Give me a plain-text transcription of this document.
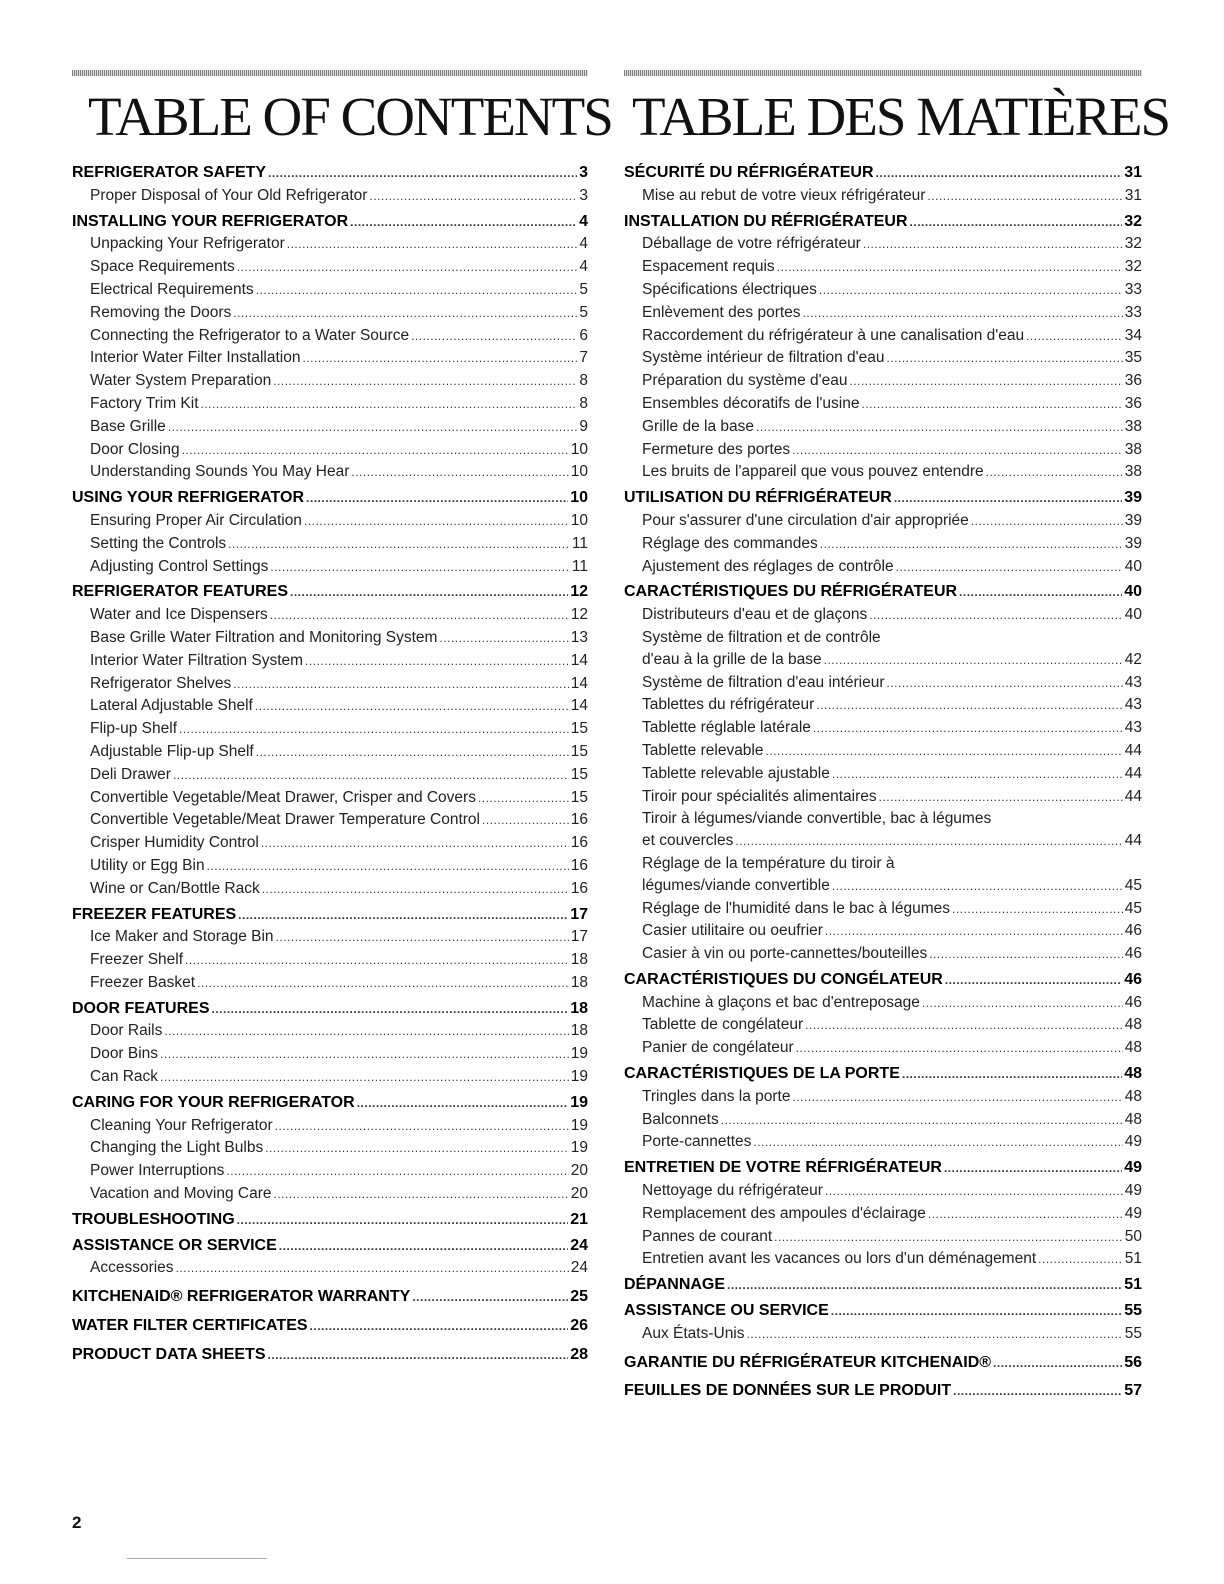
TABLE OF CONTENTS
REFRIGERATOR SAFETY .....	3
Proper Disposal of Your Old Refrigerator .....	3
INSTALLING YOUR REFRIGERATOR .....	4
Unpacking Your Refrigerator .....	4
Space Requirements .....	4
Electrical Requirements .....	5
Removing the Doors .....	5
Connecting the Refrigerator to a Water Source .....	6
Interior Water Filter Installation .....	7
Water System Preparation .....	8
Factory Trim Kit .....	8
Base Grille .....	9
Door Closing .....	10
Understanding Sounds You May Hear .....	10
USING YOUR REFRIGERATOR .....	10
Ensuring Proper Air Circulation .....	10
Setting the Controls .....	11
Adjusting Control Settings .....	11
REFRIGERATOR FEATURES .....	12
Water and Ice Dispensers .....	12
Base Grille Water Filtration and Monitoring System .....	13
Interior Water Filtration System .....	14
Refrigerator Shelves .....	14
Lateral Adjustable Shelf .....	14
Flip-up Shelf .....	15
Adjustable Flip-up Shelf .....	15
Deli Drawer .....	15
Convertible Vegetable/Meat Drawer, Crisper and Covers .....	15
Convertible Vegetable/Meat Drawer Temperature Control .....	16
Crisper Humidity Control .....	16
Utility or Egg Bin .....	16
Wine or Can/Bottle Rack .....	16
FREEZER FEATURES .....	17
Ice Maker and Storage Bin .....	17
Freezer Shelf .....	18
Freezer Basket .....	18
DOOR FEATURES .....	18
Door Rails .....	18
Door Bins .....	19
Can Rack .....	19
CARING FOR YOUR REFRIGERATOR .....	19
Cleaning Your Refrigerator .....	19
Changing the Light Bulbs .....	19
Power Interruptions .....	20
Vacation and Moving Care .....	20
TROUBLESHOOTING .....	21
ASSISTANCE OR SERVICE .....	24
Accessories .....	24
KITCHENAID® REFRIGERATOR WARRANTY .....	25
WATER FILTER CERTIFICATES .....	26
PRODUCT DATA SHEETS .....	28
TABLE DES MATIÈRES
SÉCURITÉ DU RÉFRIGÉRATEUR .....	31
Mise au rebut de votre vieux réfrigérateur .....	31
INSTALLATION DU RÉFRIGÉRATEUR .....	32
Déballage de votre réfrigérateur .....	32
Espacement requis .....	32
Spécifications électriques .....	33
Enlèvement des portes .....	33
Raccordement du réfrigérateur à une canalisation d'eau .....	34
Système intérieur de filtration d'eau .....	35
Préparation du système d'eau .....	36
Ensembles décoratifs de l'usine .....	36
Grille de la base .....	38
Fermeture des portes .....	38
Les bruits de l'appareil que vous pouvez entendre .....	38
UTILISATION DU RÉFRIGÉRATEUR .....	39
Pour s'assurer d'une circulation d'air appropriée .....	39
Réglage des commandes .....	39
Ajustement des réglages de contrôle .....	40
CARACTÉRISTIQUES DU RÉFRIGÉRATEUR .....	40
Distributeurs d'eau et de glaçons .....	40
Système de filtration et de contrôle
d'eau à la grille de la base .....	42
Système de filtration d'eau intérieur .....	43
Tablettes du réfrigérateur .....	43
Tablette réglable latérale .....	43
Tablette relevable .....	44
Tablette relevable ajustable .....	44
Tiroir pour spécialités alimentaires .....	44
Tiroir à légumes/viande convertible, bac à légumes
et couvercles .....	44
Réglage de la température du tiroir à
légumes/viande convertible .....	45
Réglage de l'humidité dans le bac à légumes .....	45
Casier utilitaire ou oeufrier .....	46
Casier à vin ou porte-cannettes/bouteilles .....	46
CARACTÉRISTIQUES DU CONGÉLATEUR .....	46
Machine à glaçons et bac d'entreposage .....	46
Tablette de congélateur .....	48
Panier de congélateur .....	48
CARACTÉRISTIQUES DE LA PORTE .....	48
Tringles dans la porte .....	48
Balconnets .....	48
Porte-cannettes .....	49
ENTRETIEN DE VOTRE RÉFRIGÉRATEUR .....	49
Nettoyage du réfrigérateur .....	49
Remplacement des ampoules d'éclairage .....	49
Pannes de courant .....	50
Entretien avant les vacances ou lors d'un déménagement .....	51
DÉPANNAGE .....	51
ASSISTANCE OU SERVICE .....	55
Aux États-Unis .....	55
GARANTIE DU RÉFRIGÉRATEUR KITCHENAID® .....	56
FEUILLES DE DONNÉES SUR LE PRODUIT .....	57
2
